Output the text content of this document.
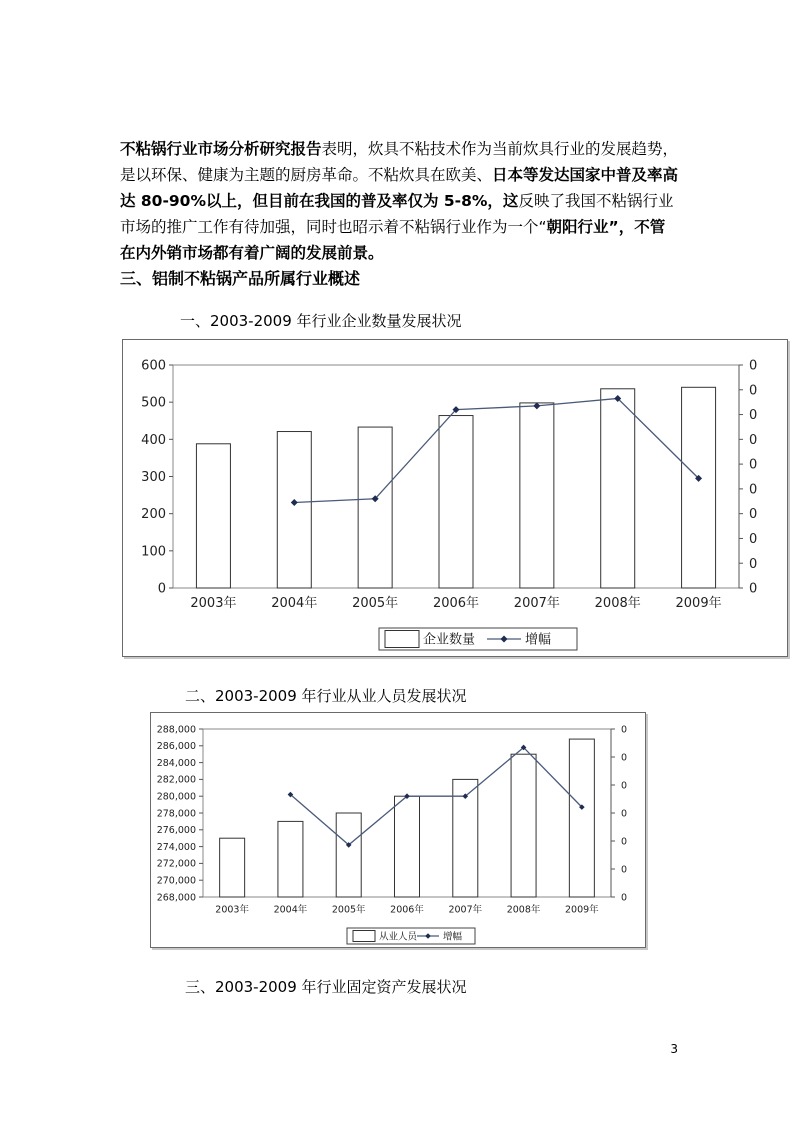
不粘锅行业市场分析研究报告表明，炊具不粘技术作为当前炊具行业的发展趋势，是以环保、健康为主题的厨房革命。不粘炊具在欧美、日本等发达国家中普及率高达 80-90%以上，但目前在我国的普及率仅为 5-8%，这反映了我国不粘锅行业市场的推广工作有待加强，同时也昭示着不粘锅行业作为一个“朝阳行业”，不管在内外销市场都有着广阔的发展前景。

三、铝制不粘锅产品所属行业概述

一、2003-2009 年行业企业数量发展状况

0
100
200
300
400
500
600
0
0
0
0
0
0
0
0
0
0
2003年	2004年	2005年	2006年	2007年	2008年	2009年
企业数量	增幅

二、2003-2009 年行业从业人员发展状况

268,000
270,000
272,000
274,000
276,000
278,000
280,000
282,000
284,000
286,000
288,000
0
0
0
0
0
0
0
2003年	2004年	2005年	2006年	2007年	2008年	2009年
从业人员	增幅

三、2003-2009 年行业固定资产发展状况

3
